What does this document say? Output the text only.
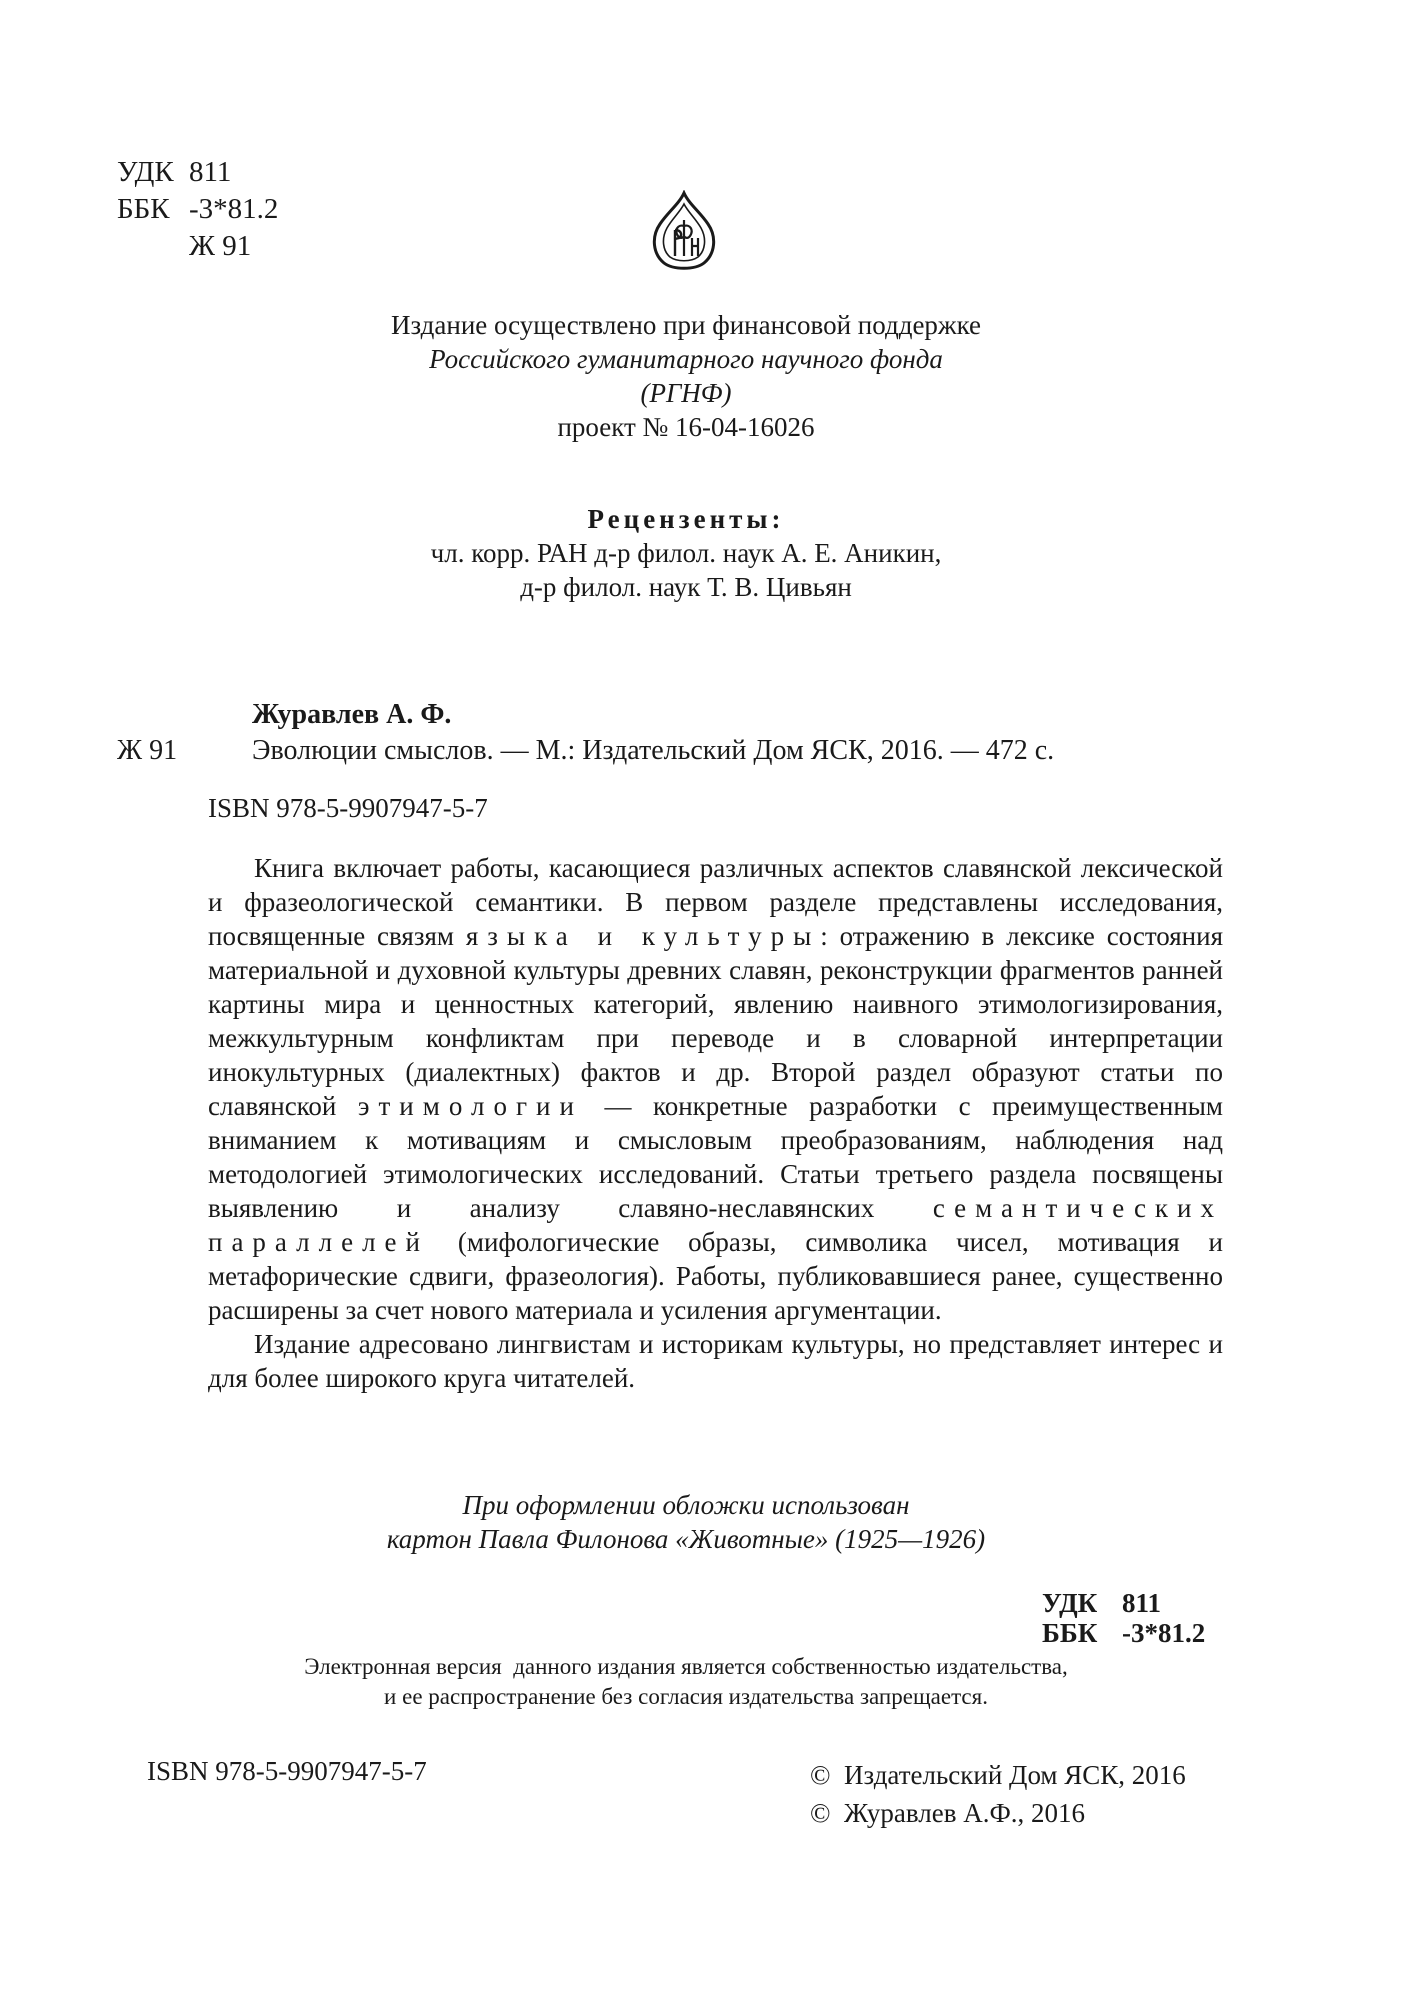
УДК 811
ББК -3*81.2
Ж 91
Издание осуществлено при финансовой поддержке
Российского гуманитарного научного фонда
(РГНФ)
проект № 16-04-16026
Рецензенты:
чл. корр. РАН д-р филол. наук А. Е. Аникин,
д-р филол. наук Т. В. Цивьян
Журавлев А. Ф.
Ж 91	Эволюции смыслов. — М.: Издательский Дом ЯСК, 2016. — 472 с.
ISBN 978-5-9907947-5-7

Книга включает работы, касающиеся различных аспектов славянской лексической и фразеологической семантики. В первом разделе представлены исследования, посвященные связям языка и культуры: отражению в лексике состояния материальной и духовной культуры древних славян, реконструкции фрагментов ранней картины мира и ценностных категорий, явлению наивного этимологизирования, межкультурным конфликтам при переводе и в словарной интерпретации инокультурных (диалектных) фактов и др. Второй раздел образуют статьи по славянской этимологии — конкретные разработки с преимущественным вниманием к мотивациям и смысловым преобразованиям, наблюдения над методологией этимологических исследований. Статьи третьего раздела посвящены выявлению и анализу славяно-неславянских семантических параллелей (мифологические образы, символика чисел, мотивация и метафорические сдвиги, фразеология). Работы, публиковавшиеся ранее, существенно расширены за счет нового материала и усиления аргументации.

Издание адресовано лингвистам и историкам культуры, но представляет интерес и для более широкого круга читателей.

При оформлении обложки использован
картон Павла Филонова «Животные» (1925—1926)
УДК 811
ББК -3*81.2
Электронная версия  данного издания является собственностью издательства,
и ее распространение без согласия издательства запрещается.
ISBN 978-5-9907947-5-7	©  Издательский Дом ЯСК, 2016
©  Журавлев А.Ф., 2016
